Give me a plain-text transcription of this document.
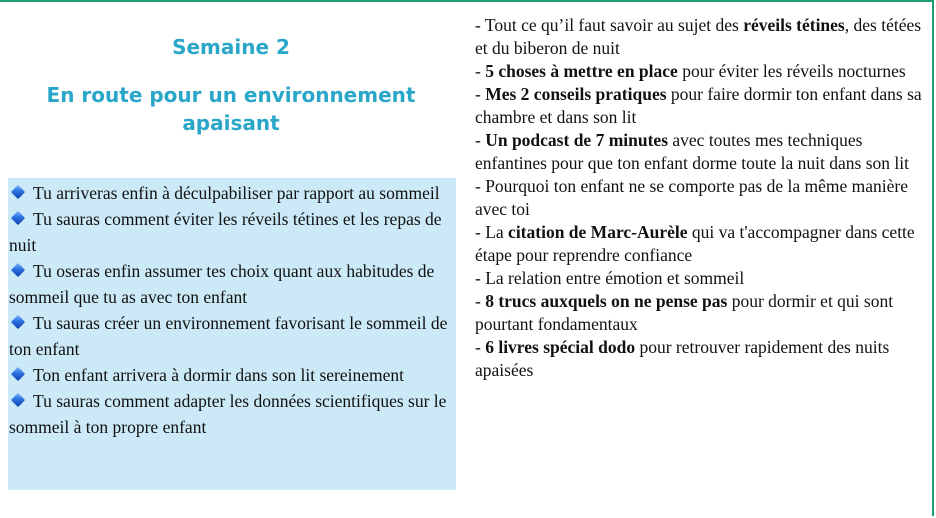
Semaine 2

En route pour un environnement apaisant

Tu arriveras enfin à déculpabiliser par rapport au sommeil

Tu sauras comment éviter les réveils tétines et les repas de nuit

Tu oseras enfin assumer tes choix quant aux habitudes de sommeil que tu as avec ton enfant

Tu sauras créer un environnement favorisant le sommeil de ton enfant

Ton enfant arrivera à dormir dans son lit sereinement

Tu sauras comment adapter les données scientifiques sur le sommeil à ton propre enfant

- Tout ce qu’il faut savoir au sujet des réveils tétines, des tétées et du biberon de nuit

- 5 choses à mettre en place pour éviter les réveils nocturnes

- Mes 2 conseils pratiques pour faire dormir ton enfant dans sa chambre et dans son lit

- Un podcast de 7 minutes avec toutes mes techniques enfantines pour que ton enfant dorme toute la nuit dans son lit

- Pourquoi ton enfant ne se comporte pas de la même manière avec toi

- La citation de Marc-Aurèle qui va t'accompagner dans cette étape pour reprendre confiance

- La relation entre émotion et sommeil

- 8 trucs auxquels on ne pense pas pour dormir et qui sont pourtant fondamentaux

- 6 livres spécial dodo pour retrouver rapidement des nuits apaisées
